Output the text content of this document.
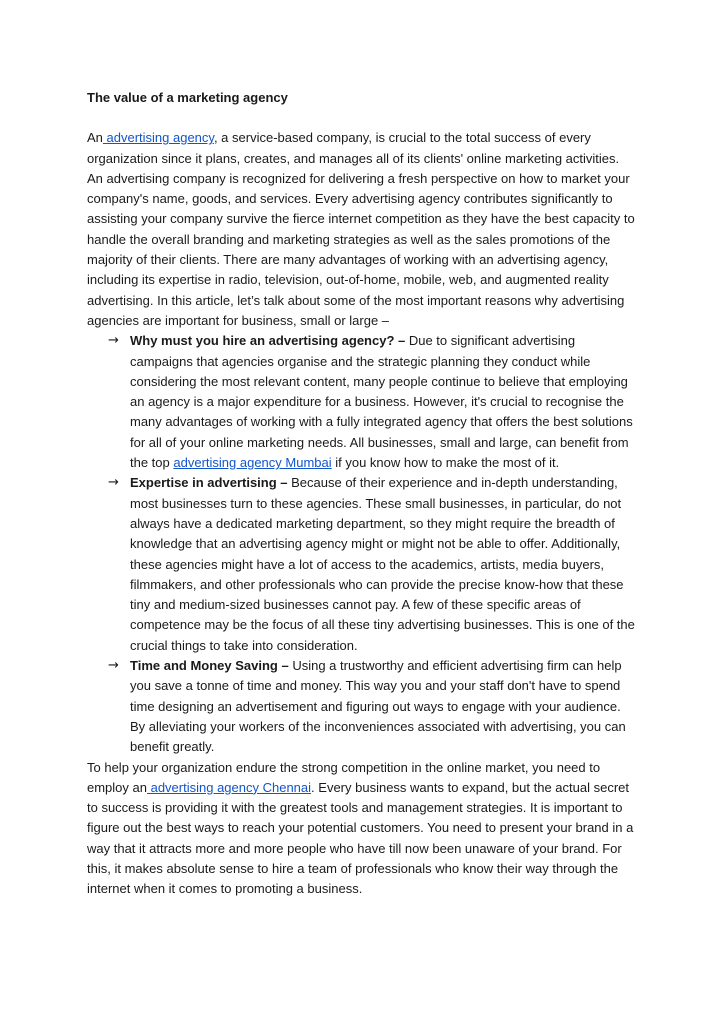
The value of a marketing agency

An advertising agency, a service-based company, is crucial to the total success of every organization since it plans, creates, and manages all of its clients' online marketing activities. An advertising company is recognized for delivering a fresh perspective on how to market your company's name, goods, and services. Every advertising agency contributes significantly to assisting your company survive the fierce internet competition as they have the best capacity to handle the overall branding and marketing strategies as well as the sales promotions of the majority of their clients. There are many advantages of working with an advertising agency, including its expertise in radio, television, out-of-home, mobile, web, and augmented reality advertising. In this article, let’s talk about some of the most important reasons why advertising agencies are important for business, small or large –

→ Why must you hire an advertising agency? – Due to significant advertising campaigns that agencies organise and the strategic planning they conduct while considering the most relevant content, many people continue to believe that employing an agency is a major expenditure for a business. However, it's crucial to recognise the many advantages of working with a fully integrated agency that offers the best solutions for all of your online marketing needs. All businesses, small and large, can benefit from the top advertising agency Mumbai if you know how to make the most of it.
→ Expertise in advertising – Because of their experience and in-depth understanding, most businesses turn to these agencies. These small businesses, in particular, do not always have a dedicated marketing department, so they might require the breadth of knowledge that an advertising agency might or might not be able to offer. Additionally, these agencies might have a lot of access to the academics, artists, media buyers, filmmakers, and other professionals who can provide the precise know-how that these tiny and medium-sized businesses cannot pay. A few of these specific areas of competence may be the focus of all these tiny advertising businesses. This is one of the crucial things to take into consideration.
→ Time and Money Saving – Using a trustworthy and efficient advertising firm can help you save a tonne of time and money. This way you and your staff don't have to spend time designing an advertisement and figuring out ways to engage with your audience. By alleviating your workers of the inconveniences associated with advertising, you can benefit greatly.

To help your organization endure the strong competition in the online market, you need to employ an advertising agency Chennai. Every business wants to expand, but the actual secret to success is providing it with the greatest tools and management strategies. It is important to figure out the best ways to reach your potential customers. You need to present your brand in a way that it attracts more and more people who have till now been unaware of your brand. For this, it makes absolute sense to hire a team of professionals who know their way through the internet when it comes to promoting a business.
